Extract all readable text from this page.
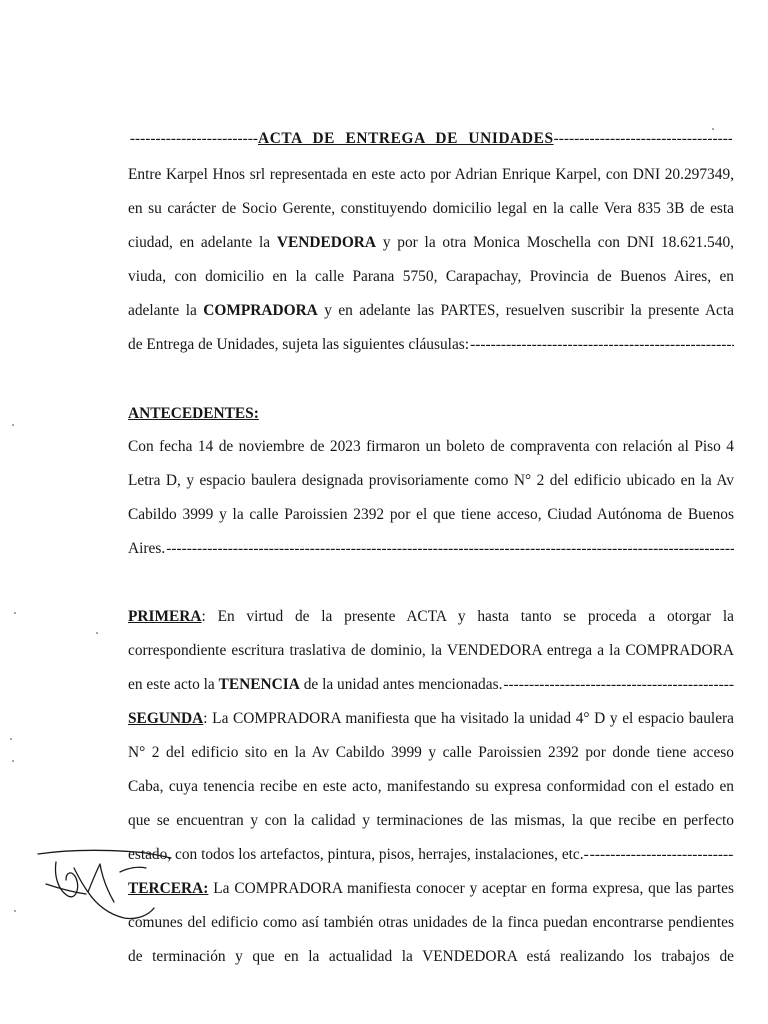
-----
ACTA DE ENTREGA DE UNIDADES
-----
Entre Karpel Hnos srl representada en este acto por Adrian Enrique Karpel, con DNI 20.297349,
en su carácter de Socio Gerente, constituyendo domicilio legal en la calle Vera 835 3B de esta
ciudad, en adelante la VENDEDORA y por la otra Monica Moschella con DNI 18.621.540,
viuda, con domicilio en la calle Parana 5750, Carapachay, Provincia de Buenos Aires, en
adelante la COMPRADORA y en adelante las PARTES, resuelven suscribir la presente Acta
de Entrega de Unidades, sujeta las siguientes cláusulas:
-----
ANTECEDENTES:
Con fecha 14 de noviembre de 2023 firmaron un boleto de compraventa con relación al Piso 4
Letra D, y espacio baulera designada provisoriamente como N° 2 del edificio ubicado en la Av
Cabildo 3999 y la calle Paroissien 2392 por el que tiene acceso, Ciudad Autónoma de Buenos
Aires.
-----
PRIMERA: En virtud de la presente ACTA y hasta tanto se proceda a otorgar la
correspondiente escritura traslativa de dominio, la VENDEDORA entrega a la COMPRADORA
en este acto la TENENCIA de la unidad antes mencionadas.
-----
SEGUNDA: La COMPRADORA manifiesta que ha visitado la unidad 4° D y el espacio baulera
N° 2 del edificio sito en la Av Cabildo 3999 y calle Paroissien 2392 por donde tiene acceso
Caba, cuya tenencia recibe en este acto, manifestando su expresa conformidad con el estado en
que se encuentran y con la calidad y terminaciones de las mismas, la que recibe en perfecto
estado, con todos los artefactos, pintura, pisos, herrajes, instalaciones, etc.-
-----
TERCERA: La COMPRADORA manifiesta conocer y aceptar en forma expresa, que las partes
comunes del edificio como así también otras unidades de la finca puedan encontrarse pendientes
de terminación y que en la actualidad la VENDEDORA está realizando los trabajos de
